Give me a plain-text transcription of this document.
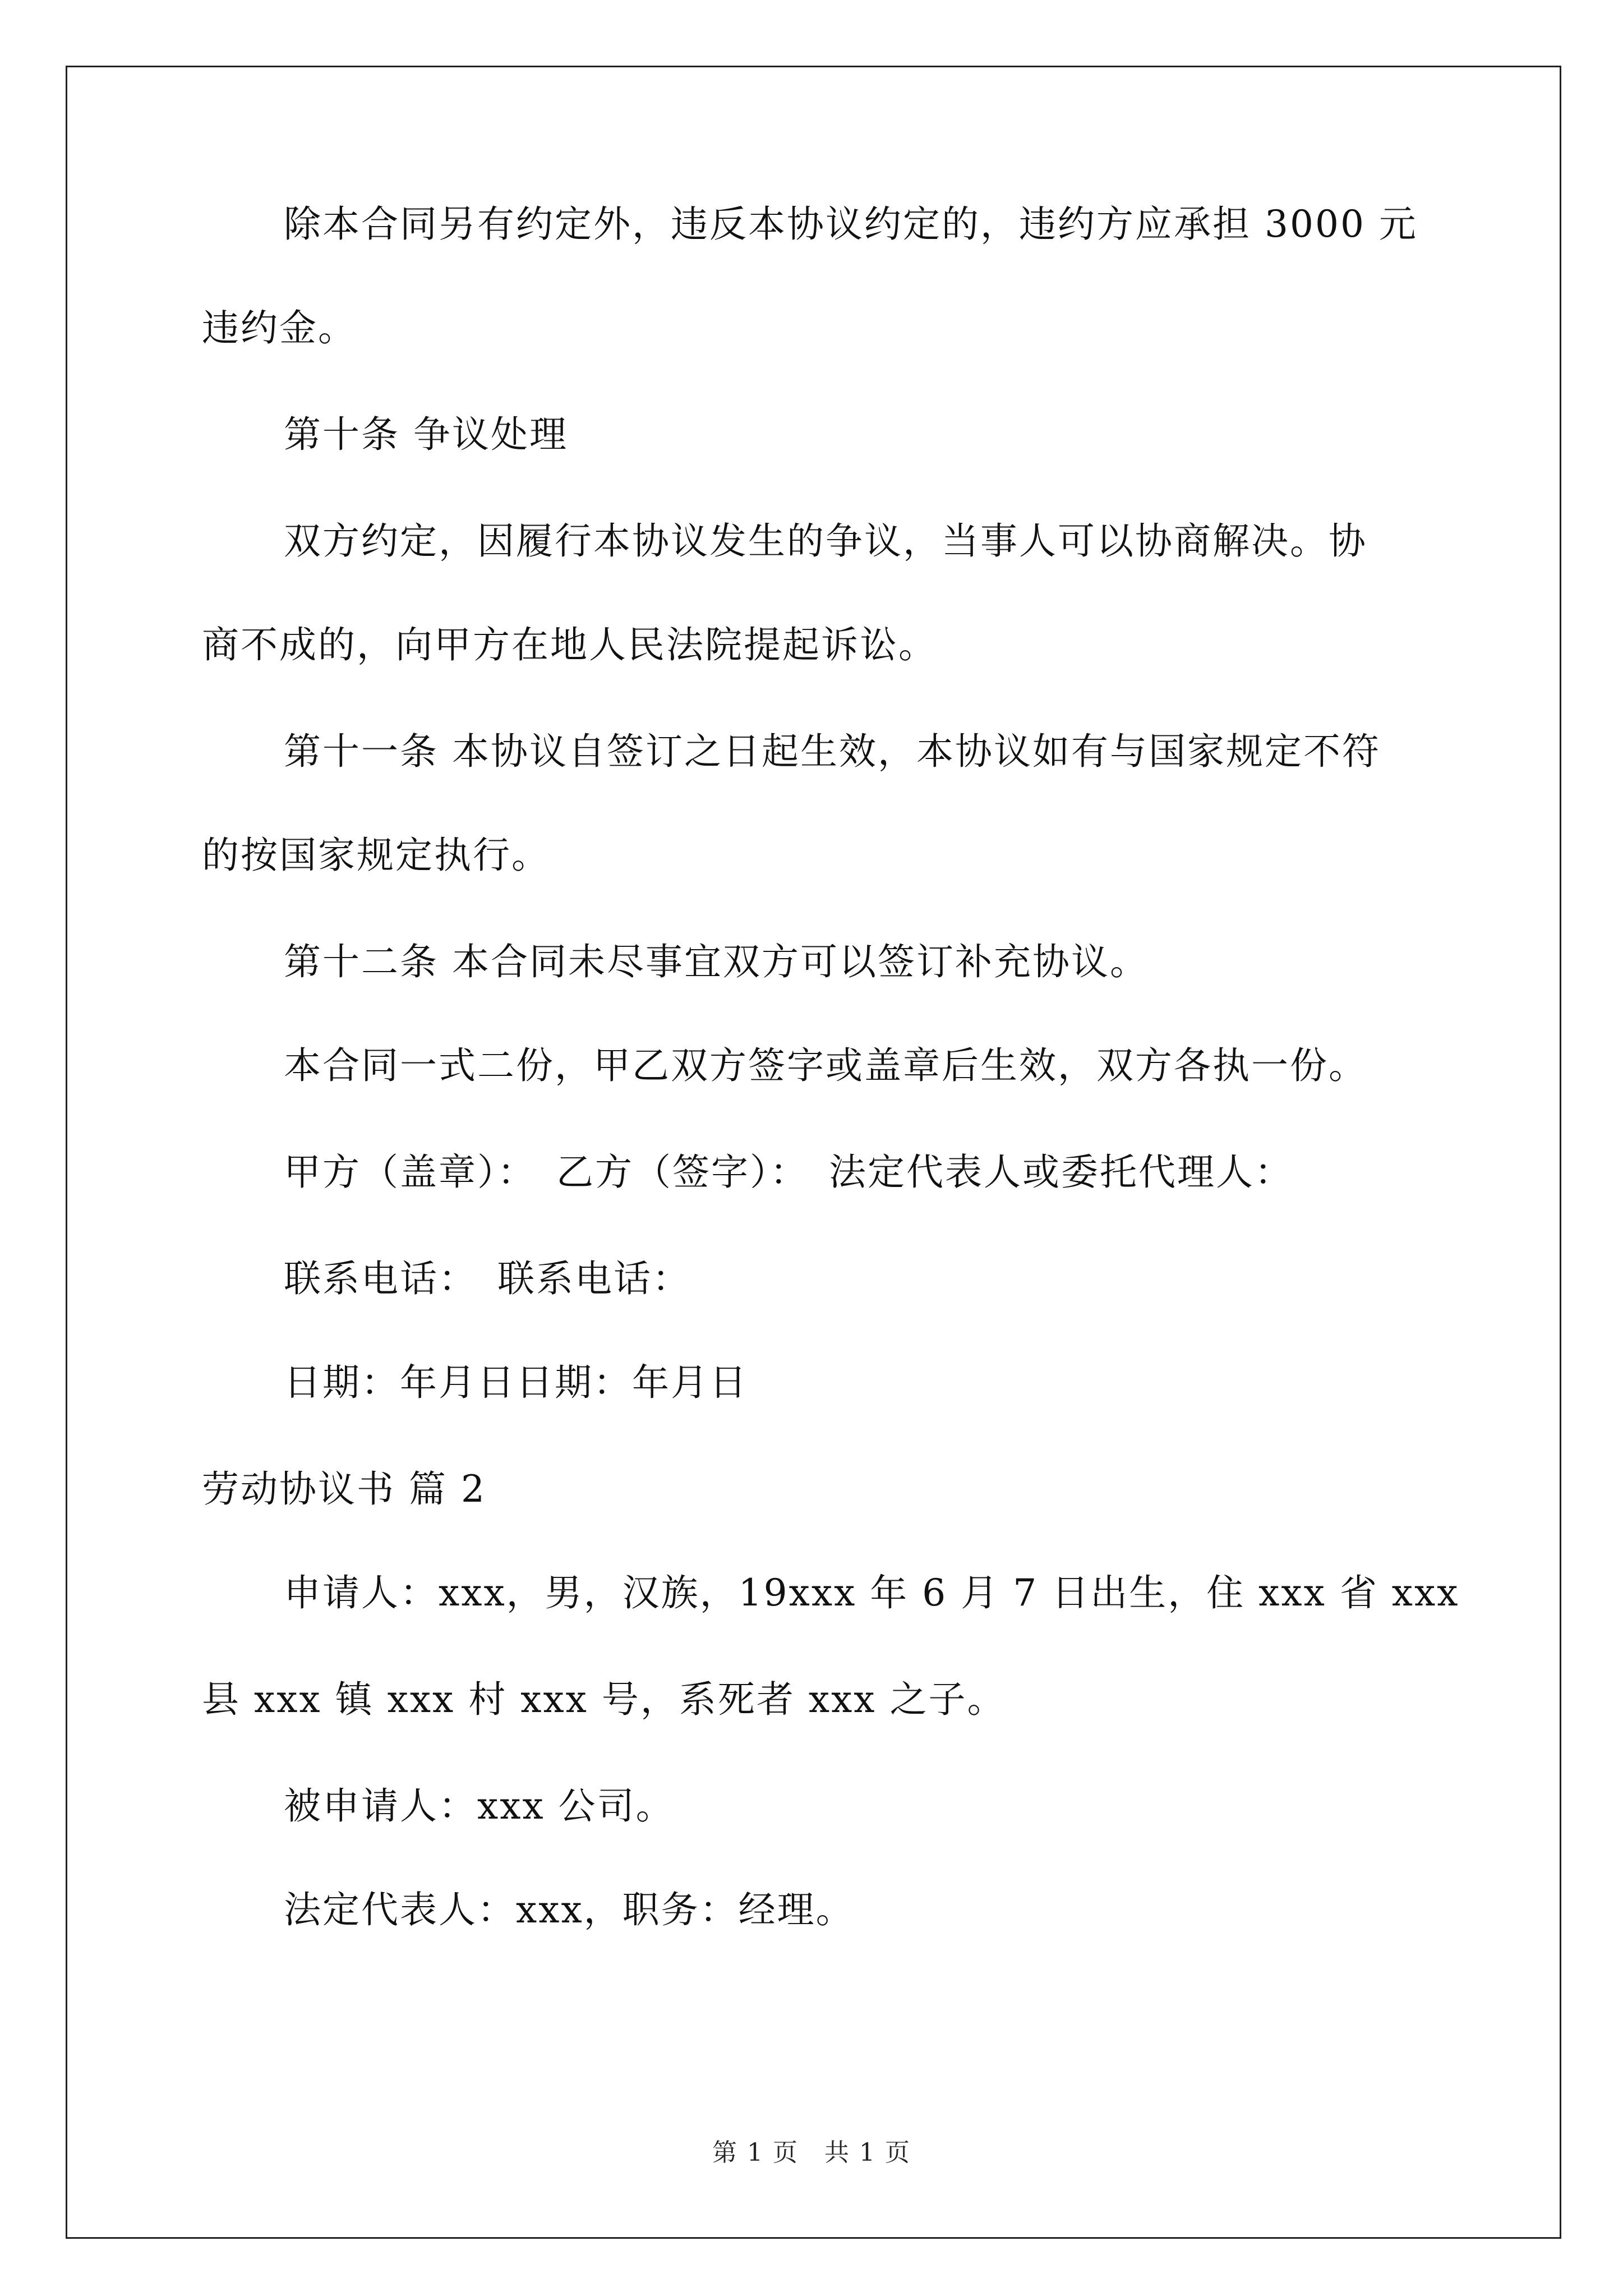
除本合同另有约定外，违反本协议约定的，违约方应承担 3000 元
违约金。
第十条 争议处理
双方约定，因履行本协议发生的争议，当事人可以协商解决。协
商不成的，向甲方在地人民法院提起诉讼。
第十一条 本协议自签订之日起生效，本协议如有与国家规定不符
的按国家规定执行。
第十二条 本合同未尽事宜双方可以签订补充协议。
本合同一式二份，甲乙双方签字或盖章后生效，双方各执一份。
甲方（盖章）：　乙方（签字）：　法定代表人或委托代理人：
联系电话：　联系电话：
日期：年月日日期：年月日
劳动协议书 篇 2
申请人：xxx，男，汉族，19xxx 年 6 月 7 日出生，住 xxx 省 xxx
县 xxx 镇 xxx 村 xxx 号，系死者 xxx 之子。
被申请人：xxx 公司。
法定代表人：xxx，职务：经理。
第 1 页　共 1 页
